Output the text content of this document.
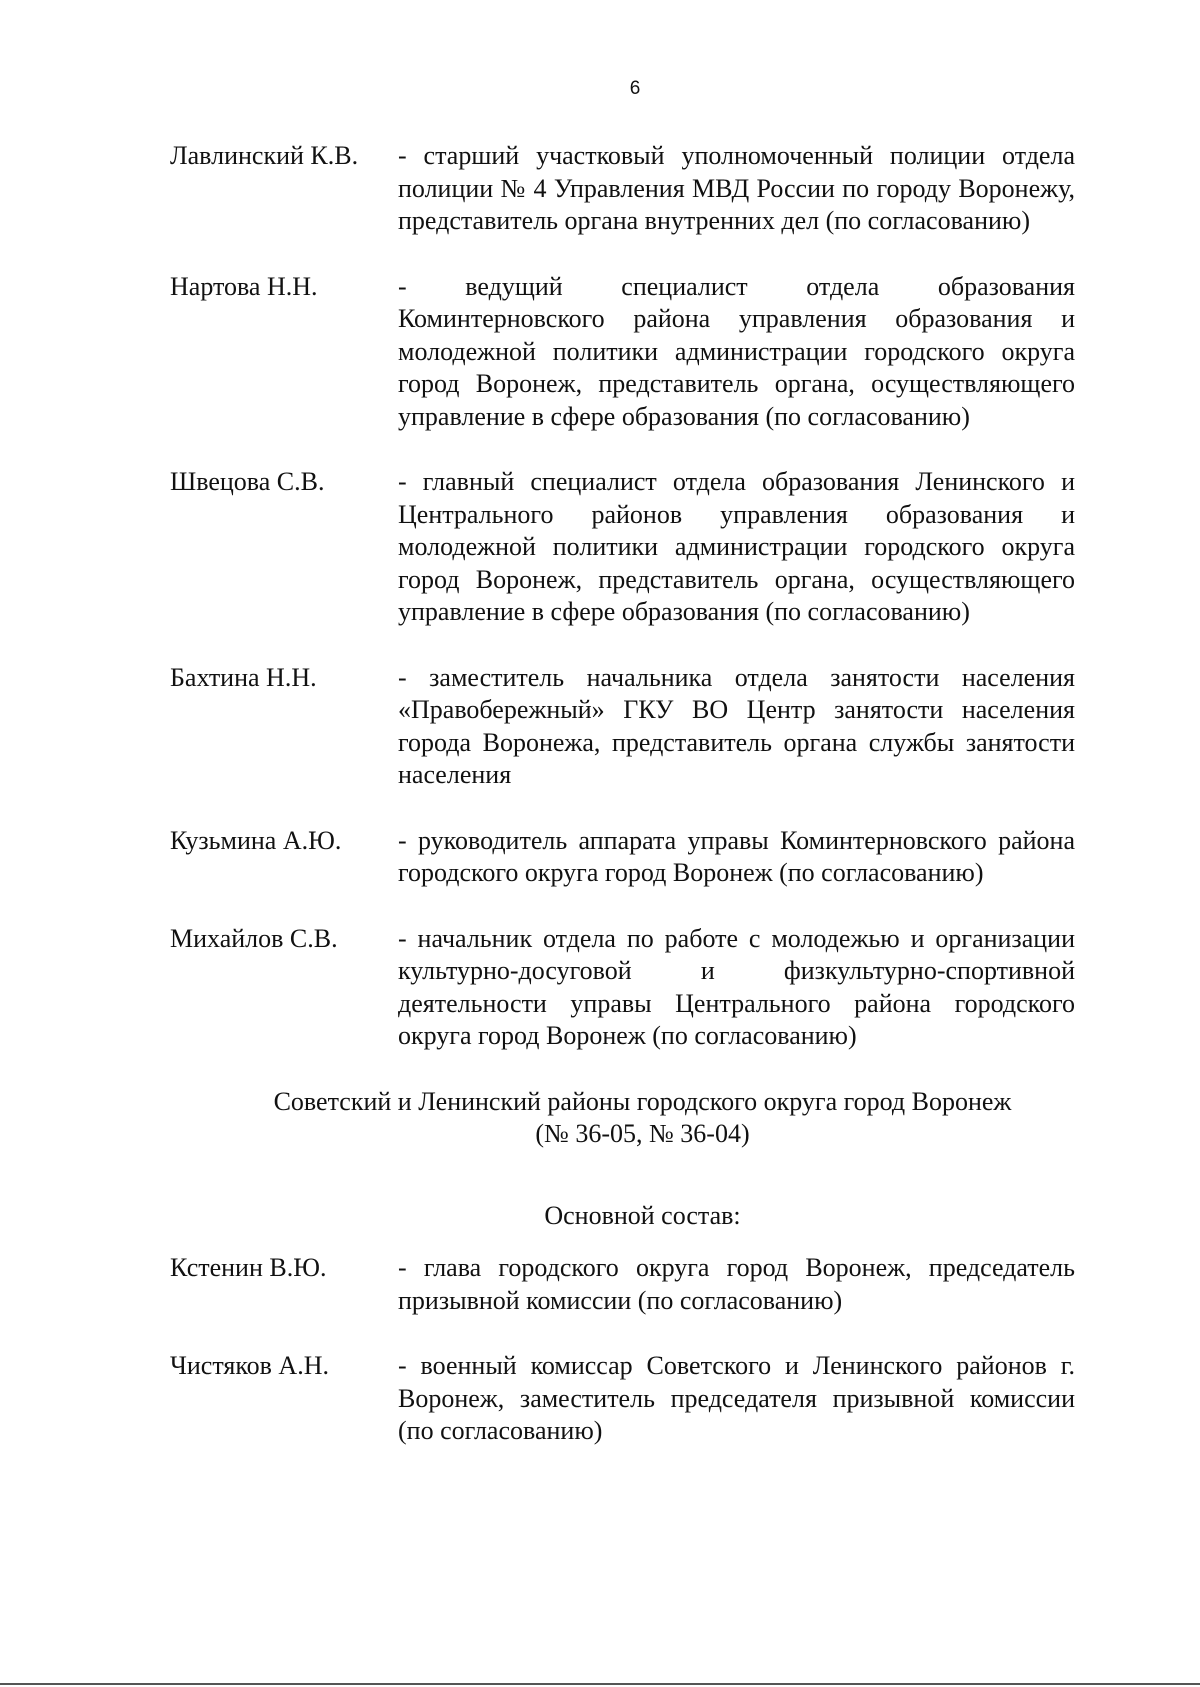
6
Лавлинский К.В.	- старший участковый уполномоченный полиции отдела полиции № 4 Управления МВД России по городу Воронежу, представитель органа внутренних дел (по согласованию)
Нартова Н.Н.	- ведущий специалист отдела образования Коминтерновского района управления образования и молодежной политики администрации городского округа город Воронеж, представитель органа, осуществляющего управление в сфере образования (по согласованию)
Швецова С.В.	- главный специалист отдела образования Ленинского и Центрального районов управления образования и молодежной политики администрации городского округа город Воронеж, представитель органа, осуществляющего управление в сфере образования (по согласованию)
Бахтина Н.Н.	- заместитель начальника отдела занятости населения «Правобережный» ГКУ ВО Центр занятости населения города Воронежа, представитель органа службы занятости населения
Кузьмина А.Ю.	- руководитель аппарата управы Коминтерновского района городского округа город Воронеж (по согласованию)
Михайлов С.В.	- начальник отдела по работе с молодежью и организации культурно-досуговой и физкультурно-спортивной деятельности управы Центрального района городского округа город Воронеж (по согласованию)
Советский и Ленинский районы городского округа город Воронеж
(№ 36-05, № 36-04)
Основной состав:
Кстенин В.Ю.	- глава городского округа город Воронеж, председатель призывной комиссии (по согласованию)
Чистяков А.Н.	- военный комиссар Советского и Ленинского районов г. Воронеж, заместитель председателя призывной комиссии (по согласованию)
